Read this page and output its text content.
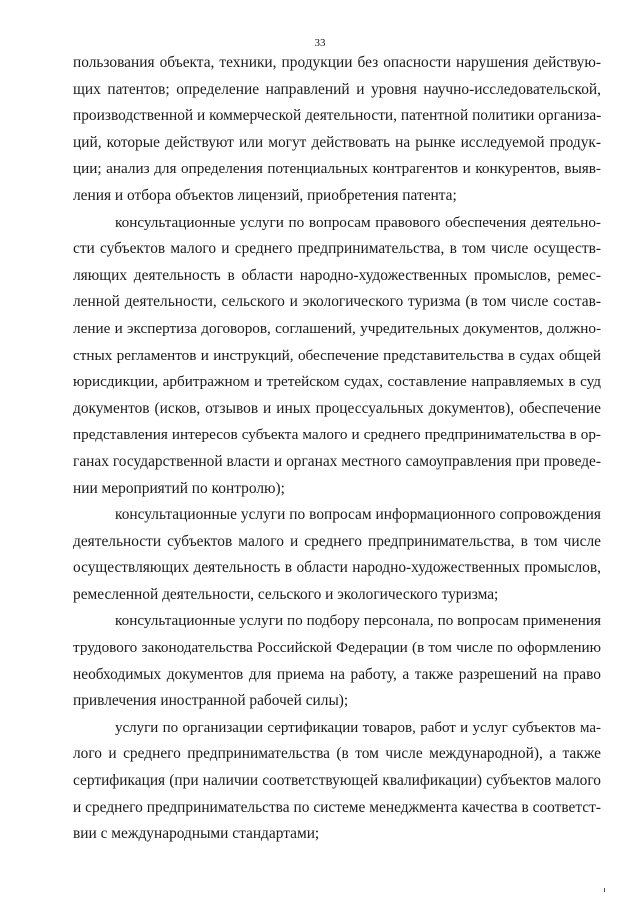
33
пользования объекта, техники, продукции без опасности нарушения действую-
щих патентов; определение направлений и уровня научно-исследовательской,
производственной и коммерческой деятельности, патентной политики организа-
ций, которые действуют или могут действовать на рынке исследуемой продук-
ции; анализ для определения потенциальных контрагентов и конкурентов, выяв-
ления и отбора объектов лицензий, приобретения патента;
консультационные услуги по вопросам правового обеспечения деятельно-
сти субъектов малого и среднего предпринимательства, в том числе осуществ-
ляющих деятельность в области народно-художественных промыслов, ремес-
ленной деятельности, сельского и экологического туризма (в том числе состав-
ление и экспертиза договоров, соглашений, учредительных документов, должно-
стных регламентов и инструкций, обеспечение представительства в судах общей
юрисдикции, арбитражном и третейском судах, составление направляемых в суд
документов (исков, отзывов и иных процессуальных документов), обеспечение
представления интересов субъекта малого и среднего предпринимательства в ор-
ганах государственной власти и органах местного самоуправления при проведе-
нии мероприятий по контролю);
консультационные услуги по вопросам информационного сопровождения
деятельности субъектов малого и среднего предпринимательства, в том числе
осуществляющих деятельность в области народно-художественных промыслов,
ремесленной деятельности, сельского и экологического туризма;
консультационные услуги по подбору персонала, по вопросам применения
трудового законодательства Российской Федерации (в том числе по оформлению
необходимых документов для приема на работу, а также разрешений на право
привлечения иностранной рабочей силы);
услуги по организации сертификации товаров, работ и услуг субъектов ма-
лого и среднего предпринимательства (в том числе международной), а также
сертификация (при наличии соответствующей квалификации) субъектов малого
и среднего предпринимательства по системе менеджмента качества в соответст-
вии с международными стандартами;
